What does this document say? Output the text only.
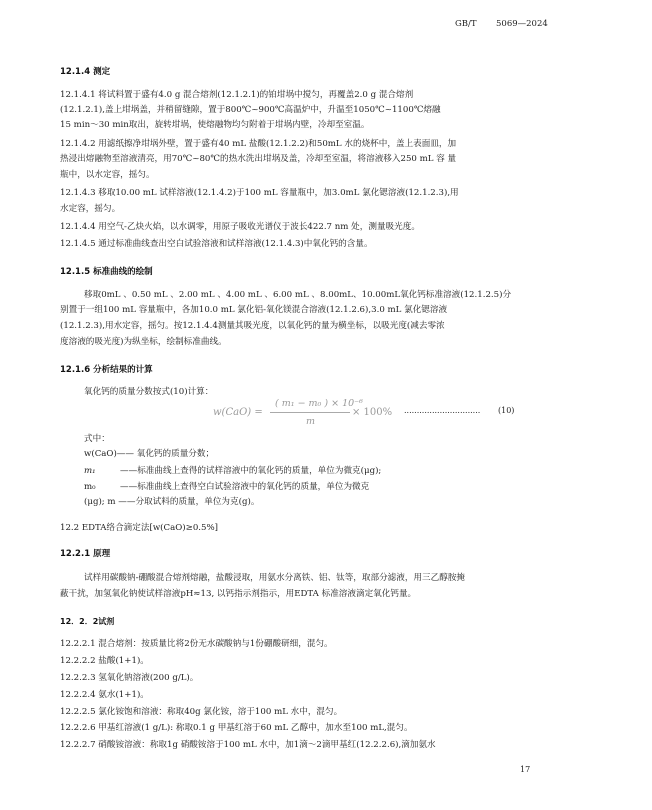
GB/T 5069—2024
12.1.4 测定
12.1.4.1 将试料置于盛有4.0 g 混合熔剂(12.1.2.1)的铂坩埚中搅匀，再覆盖2.0 g 混合熔剂
(12.1.2.1),盖上坩埚盖，并稍留缝隙，置于800℃~900℃高温炉中，升温至1050℃~1100℃熔融
15 min～30 min取出，旋转坩埚，使熔融物均匀附着于坩埚内壁，冷却至室温。
12.1.4.2 用滤纸擦净坩埚外壁，置于盛有40 mL 盐酸(12.1.2.2)和50mL 水的烧杯中，盖上表面皿，加
热浸出熔融物至溶液清亮，用70℃~80℃的热水洗出坩埚及盖，冷却至室温，将溶液移入250 mL 容 量
瓶中，以水定容，摇匀。
12.1.4.3 移取10.00 mL 试样溶液(12.1.4.2)于100 mL 容量瓶中，加3.0mL 氯化锶溶液(12.1.2.3),用
水定容，摇匀。
12.1.4.4 用空气-乙炔火焰，以水调零，用原子吸收光谱仪于波长422.7 nm 处，测量吸光度。
12.1.4.5 通过标准曲线查出空白试验溶液和试样溶液(12.1.4.3)中氧化钙的含量。
12.1.5 标准曲线的绘制
移取0mL 、0.50 mL 、2.00 mL 、4.00 mL 、6.00 mL 、8.00mL、10.00mL氧化钙标准溶液(12.1.2.5)分
别置于一组100 mL 容量瓶中，各加10.0 mL 氯化铝-氧化镁混合溶液(12.1.2.6),3.0 mL 氯化锶溶液
(12.1.2.3),用水定容，摇匀。按12.1.4.4测量其吸光度，以氧化钙的量为横坐标，以吸光度(减去零浓
度溶液的吸光度)为纵坐标，绘制标准曲线。
12.1.6 分析结果的计算
氧化钙的质量分数按式(10)计算：
w(CaO) =
( m₁ − m₀ ) × 10⁻⁶
m
× 100% .............................. (10)
式中：
w(CaO)—— 氧化钙的质量分数；
m₁	——标准曲线上查得的试样溶液中的氧化钙的质量，单位为微克(μg);
m₀	——标准曲线上查得空白试验溶液中的氧化钙的质量，单位为微克
(μg); m ——分取试料的质量，单位为克(g)。
12.2 EDTA络合滴定法[w(CaO)≥0.5%]
12.2.1 原理
试样用碳酸钠-硼酸混合熔剂熔融，盐酸浸取，用氨水分离铁、铝、钛等，取部分滤液，用三乙醇胺掩
蔽干扰，加氢氧化钠使试样溶液pH≈13, 以钙指示剂指示，用EDTA 标准溶液滴定氧化钙量。
12．2．2试剂
12.2.2.1 混合熔剂：按质量比将2份无水碳酸钠与1份硼酸研细，混匀。
12.2.2.2 盐酸(1+1)。
12.2.2.3 氢氧化钠溶液(200 g/L)。
12.2.2.4 氨水(1+1)。
12.2.2.5 氯化铵饱和溶液：称取40g 氯化铵，溶于100 mL 水中，混匀。
12.2.2.6 甲基红溶液(1 g/L): 称取0.1 g 甲基红溶于60 mL 乙醇中，加水至100 mL,混匀。
12.2.2.7 硝酸铵溶液：称取1g 硝酸铵溶于100 mL 水中，加1滴～2滴甲基红(12.2.2.6),滴加氨水
17
